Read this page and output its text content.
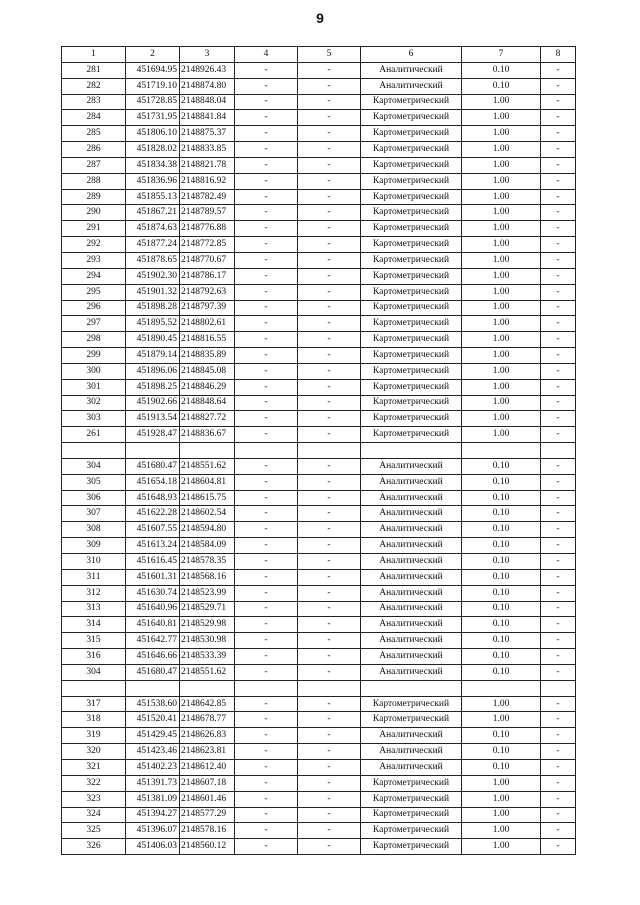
9
1	2	3	4	5	6	7	8
281	451694.95	2148926.43	-	-	Аналитический	0.10	-
282	451719.10	2148874.80	-	-	Аналитический	0.10	-
283	451728.85	2148848.04	-	-	Картометрический	1.00	-
284	451731.95	2148841.84	-	-	Картометрический	1.00	-
285	451806.10	2148875.37	-	-	Картометрический	1.00	-
286	451828.02	2148833.85	-	-	Картометрический	1.00	-
287	451834.38	2148821.78	-	-	Картометрический	1.00	-
288	451836.96	2148816.92	-	-	Картометрический	1.00	-
289	451855.13	2148782.49	-	-	Картометрический	1.00	-
290	451867.21	2148789.57	-	-	Картометрический	1.00	-
291	451874.63	2148776.88	-	-	Картометрический	1.00	-
292	451877.24	2148772.85	-	-	Картометрический	1.00	-
293	451878.65	2148770.67	-	-	Картометрический	1.00	-
294	451902.30	2148786.17	-	-	Картометрический	1.00	-
295	451901.32	2148792.63	-	-	Картометрический	1.00	-
296	451898.28	2148797.39	-	-	Картометрический	1.00	-
297	451895.52	2148802.61	-	-	Картометрический	1.00	-
298	451890.45	2148816.55	-	-	Картометрический	1.00	-
299	451879.14	2148835.89	-	-	Картометрический	1.00	-
300	451896.06	2148845.08	-	-	Картометрический	1.00	-
301	451898.25	2148846.29	-	-	Картометрический	1.00	-
302	451902.66	2148848.64	-	-	Картометрический	1.00	-
303	451913.54	2148827.72	-	-	Картометрический	1.00	-
261	451928.47	2148836.67	-	-	Картометрический	1.00	-

304	451680.47	2148551.62	-	-	Аналитический	0.10	-
305	451654.18	2148604.81	-	-	Аналитический	0.10	-
306	451648.93	2148615.75	-	-	Аналитический	0.10	-
307	451622.28	2148602.54	-	-	Аналитический	0.10	-
308	451607.55	2148594.80	-	-	Аналитический	0.10	-
309	451613.24	2148584.09	-	-	Аналитический	0.10	-
310	451616.45	2148578.35	-	-	Аналитический	0.10	-
311	451601.31	2148568.16	-	-	Аналитический	0.10	-
312	451630.74	2148523.99	-	-	Аналитический	0.10	-
313	451640.96	2148529.71	-	-	Аналитический	0.10	-
314	451640.81	2148529.98	-	-	Аналитический	0.10	-
315	451642.77	2148530.98	-	-	Аналитический	0.10	-
316	451646.66	2148533.39	-	-	Аналитический	0.10	-
304	451680.47	2148551.62	-	-	Аналитический	0.10	-

317	451538.60	2148642.85	-	-	Картометрический	1.00	-
318	451520.41	2148678.77	-	-	Картометрический	1.00	-
319	451429.45	2148626.83	-	-	Аналитический	0.10	-
320	451423.46	2148623.81	-	-	Аналитический	0.10	-
321	451402.23	2148612.40	-	-	Аналитический	0.10	-
322	451391.73	2148607.18	-	-	Картометрический	1.00	-
323	451381.09	2148601.46	-	-	Картометрический	1.00	-
324	451394.27	2148577.29	-	-	Картометрический	1.00	-
325	451396.07	2148578.16	-	-	Картометрический	1.00	-
326	451406.03	2148560.12	-	-	Картометрический	1.00	-
